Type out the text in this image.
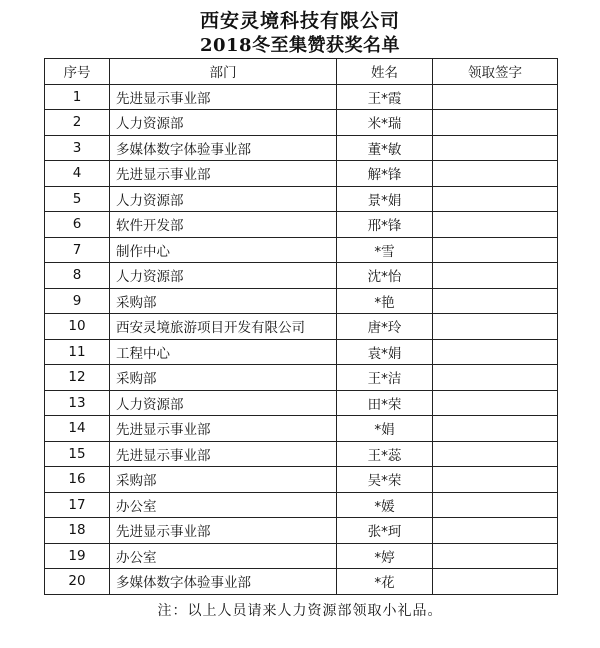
西安灵境科技有限公司
2018冬至集赞获奖名单
序号	部门	姓名	领取签字
1	先进显示事业部	王*霞	
2	人力资源部	米*瑞	
3	多媒体数字体验事业部	董*敏	
4	先进显示事业部	解*锋	
5	人力资源部	景*娟	
6	软件开发部	邢*锋	
7	制作中心	*雪	
8	人力资源部	沈*怡	
9	采购部	*艳	
10	西安灵境旅游项目开发有限公司	唐*玲	
11	工程中心	袁*娟	
12	采购部	王*洁	
13	人力资源部	田*荣	
14	先进显示事业部	*娟	
15	先进显示事业部	王*蕊	
16	采购部	吴*荣	
17	办公室	*媛	
18	先进显示事业部	张*珂	
19	办公室	*婷	
20	多媒体数字体验事业部	*花	
注：以上人员请来人力资源部领取小礼品。
